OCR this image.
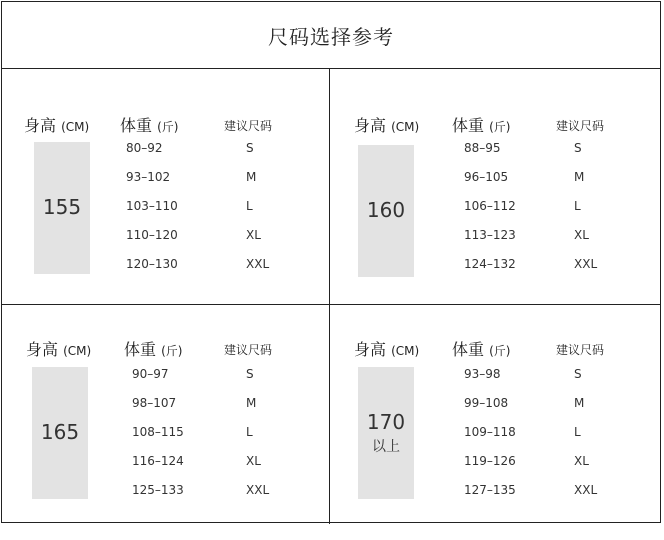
尺码选择参考
身高 (CM) 体重 (斤)	建议尺码
155
80–92	S
93–102	M
103–110	L
110–120	XL
120–130	XXL
身高 (CM) 体重 (斤)	建议尺码
160
88–95	S
96–105	M
106–112	L
113–123	XL
124–132	XXL
身高 (CM) 体重 (斤)	建议尺码
165
90–97	S
98–107	M
108–115	L
116–124	XL
125–133	XXL
身高 (CM) 体重 (斤)	建议尺码
170
以上
93–98	S
99–108	M
109–118	L
119–126	XL
127–135	XXL
